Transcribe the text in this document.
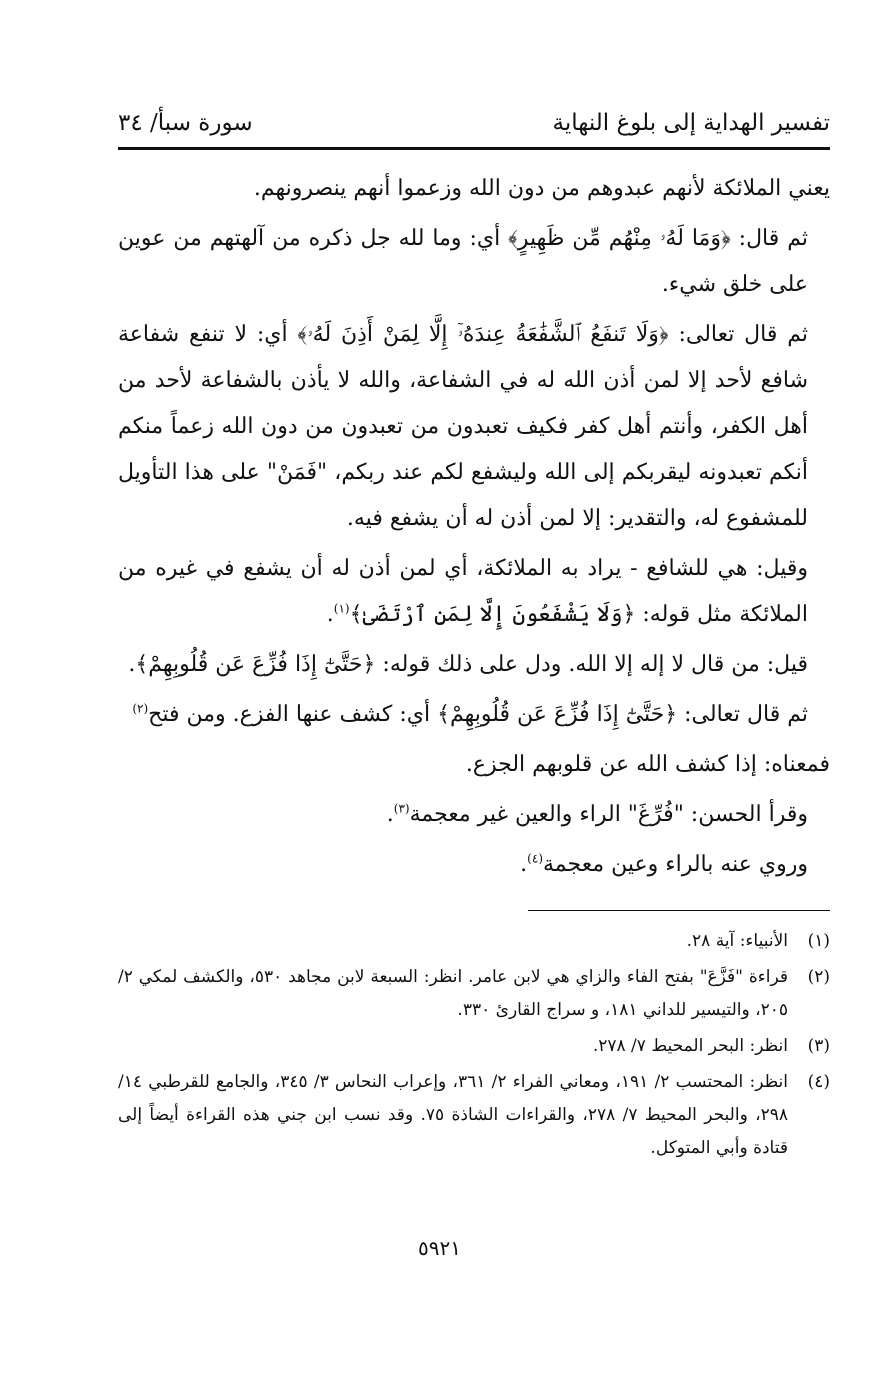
تفسير الهداية إلى بلوغ النهاية
سورة سبأ/ ٣٤

يعني الملائكة لأنهم عبدوهم من دون الله وزعموا أنهم ينصرونهم.

ثم قال: ﴿وَمَا لَهُۥ مِنْهُم مِّن ظَهِيرٍ﴾ أي: وما لله جل ذكره من آلهتهم من عوين على خلق شيء.

ثم قال تعالى: ﴿وَلَا تَنفَعُ ٱلشَّفَٰعَةُ عِندَهُۥٓ إِلَّا لِمَنْ أَذِنَ لَهُۥ﴾ أي: لا تنفع شفاعة شافع لأحد إلا لمن أذن الله له في الشفاعة، والله لا يأذن بالشفاعة لأحد من أهل الكفر، وأنتم أهل كفر فكيف تعبدون من تعبدون من دون الله زعماً منكم أنكم تعبدونه ليقربكم إلى الله وليشفع لكم عند ربكم، "فَمَنْ" على هذا التأويل للمشفوع له، والتقدير: إلا لمن أذن له أن يشفع فيه.

وقيل: هي للشافع - يراد به الملائكة، أي لمن أذن له أن يشفع في غيره من الملائكة مثل قوله: ﴿وَلَا يَشْفَعُونَ إِلَّا لِمَنِ ٱرْتَضَىٰ﴾$^{(١)}$.

قيل: من قال لا إله إلا الله. ودل على ذلك قوله: ﴿حَتَّىٰٓ إِذَا فُزِّعَ عَن قُلُوبِهِمْ﴾.

ثم قال تعالى: ﴿حَتَّىٰٓ إِذَا فُزِّعَ عَن قُلُوبِهِمْ﴾ أي: كشف عنها الفزع. ومن فتح$^{(٢)}$

فمعناه: إذا كشف الله عن قلوبهم الجزع.

وقرأ الحسن: "فُرِّغَ" الراء والعين غير معجمة$^{(٣)}$.

وروي عنه بالراء وعين معجمة$^{(٤)}$.

(١)
الأنبياء: آية ٢٨.
(٢)
قراءة "فَزَّعَ" بفتح الفاء والزاي هي لابن عامر. انظر: السبعة لابن مجاهد ٥٣٠، والكشف لمكي ٢/ ٢٠٥، والتيسير للداني ١٨١، و سراج القارئ ٣٣٠.
(٣)
انظر: البحر المحيط ٧/ ٢٧٨.
(٤)
انظر: المحتسب ٢/ ١٩١، ومعاني الفراء ٢/ ٣٦١، وإعراب النحاس ٣/ ٣٤٥، والجامع للقرطبي ١٤/ ٢٩٨، والبحر المحيط ٧/ ٢٧٨، والقراءات الشاذة ٧٥. وقد نسب ابن جني هذه القراءة أيضاً إلى قتادة وأبي المتوكل.
٥٩٢١
